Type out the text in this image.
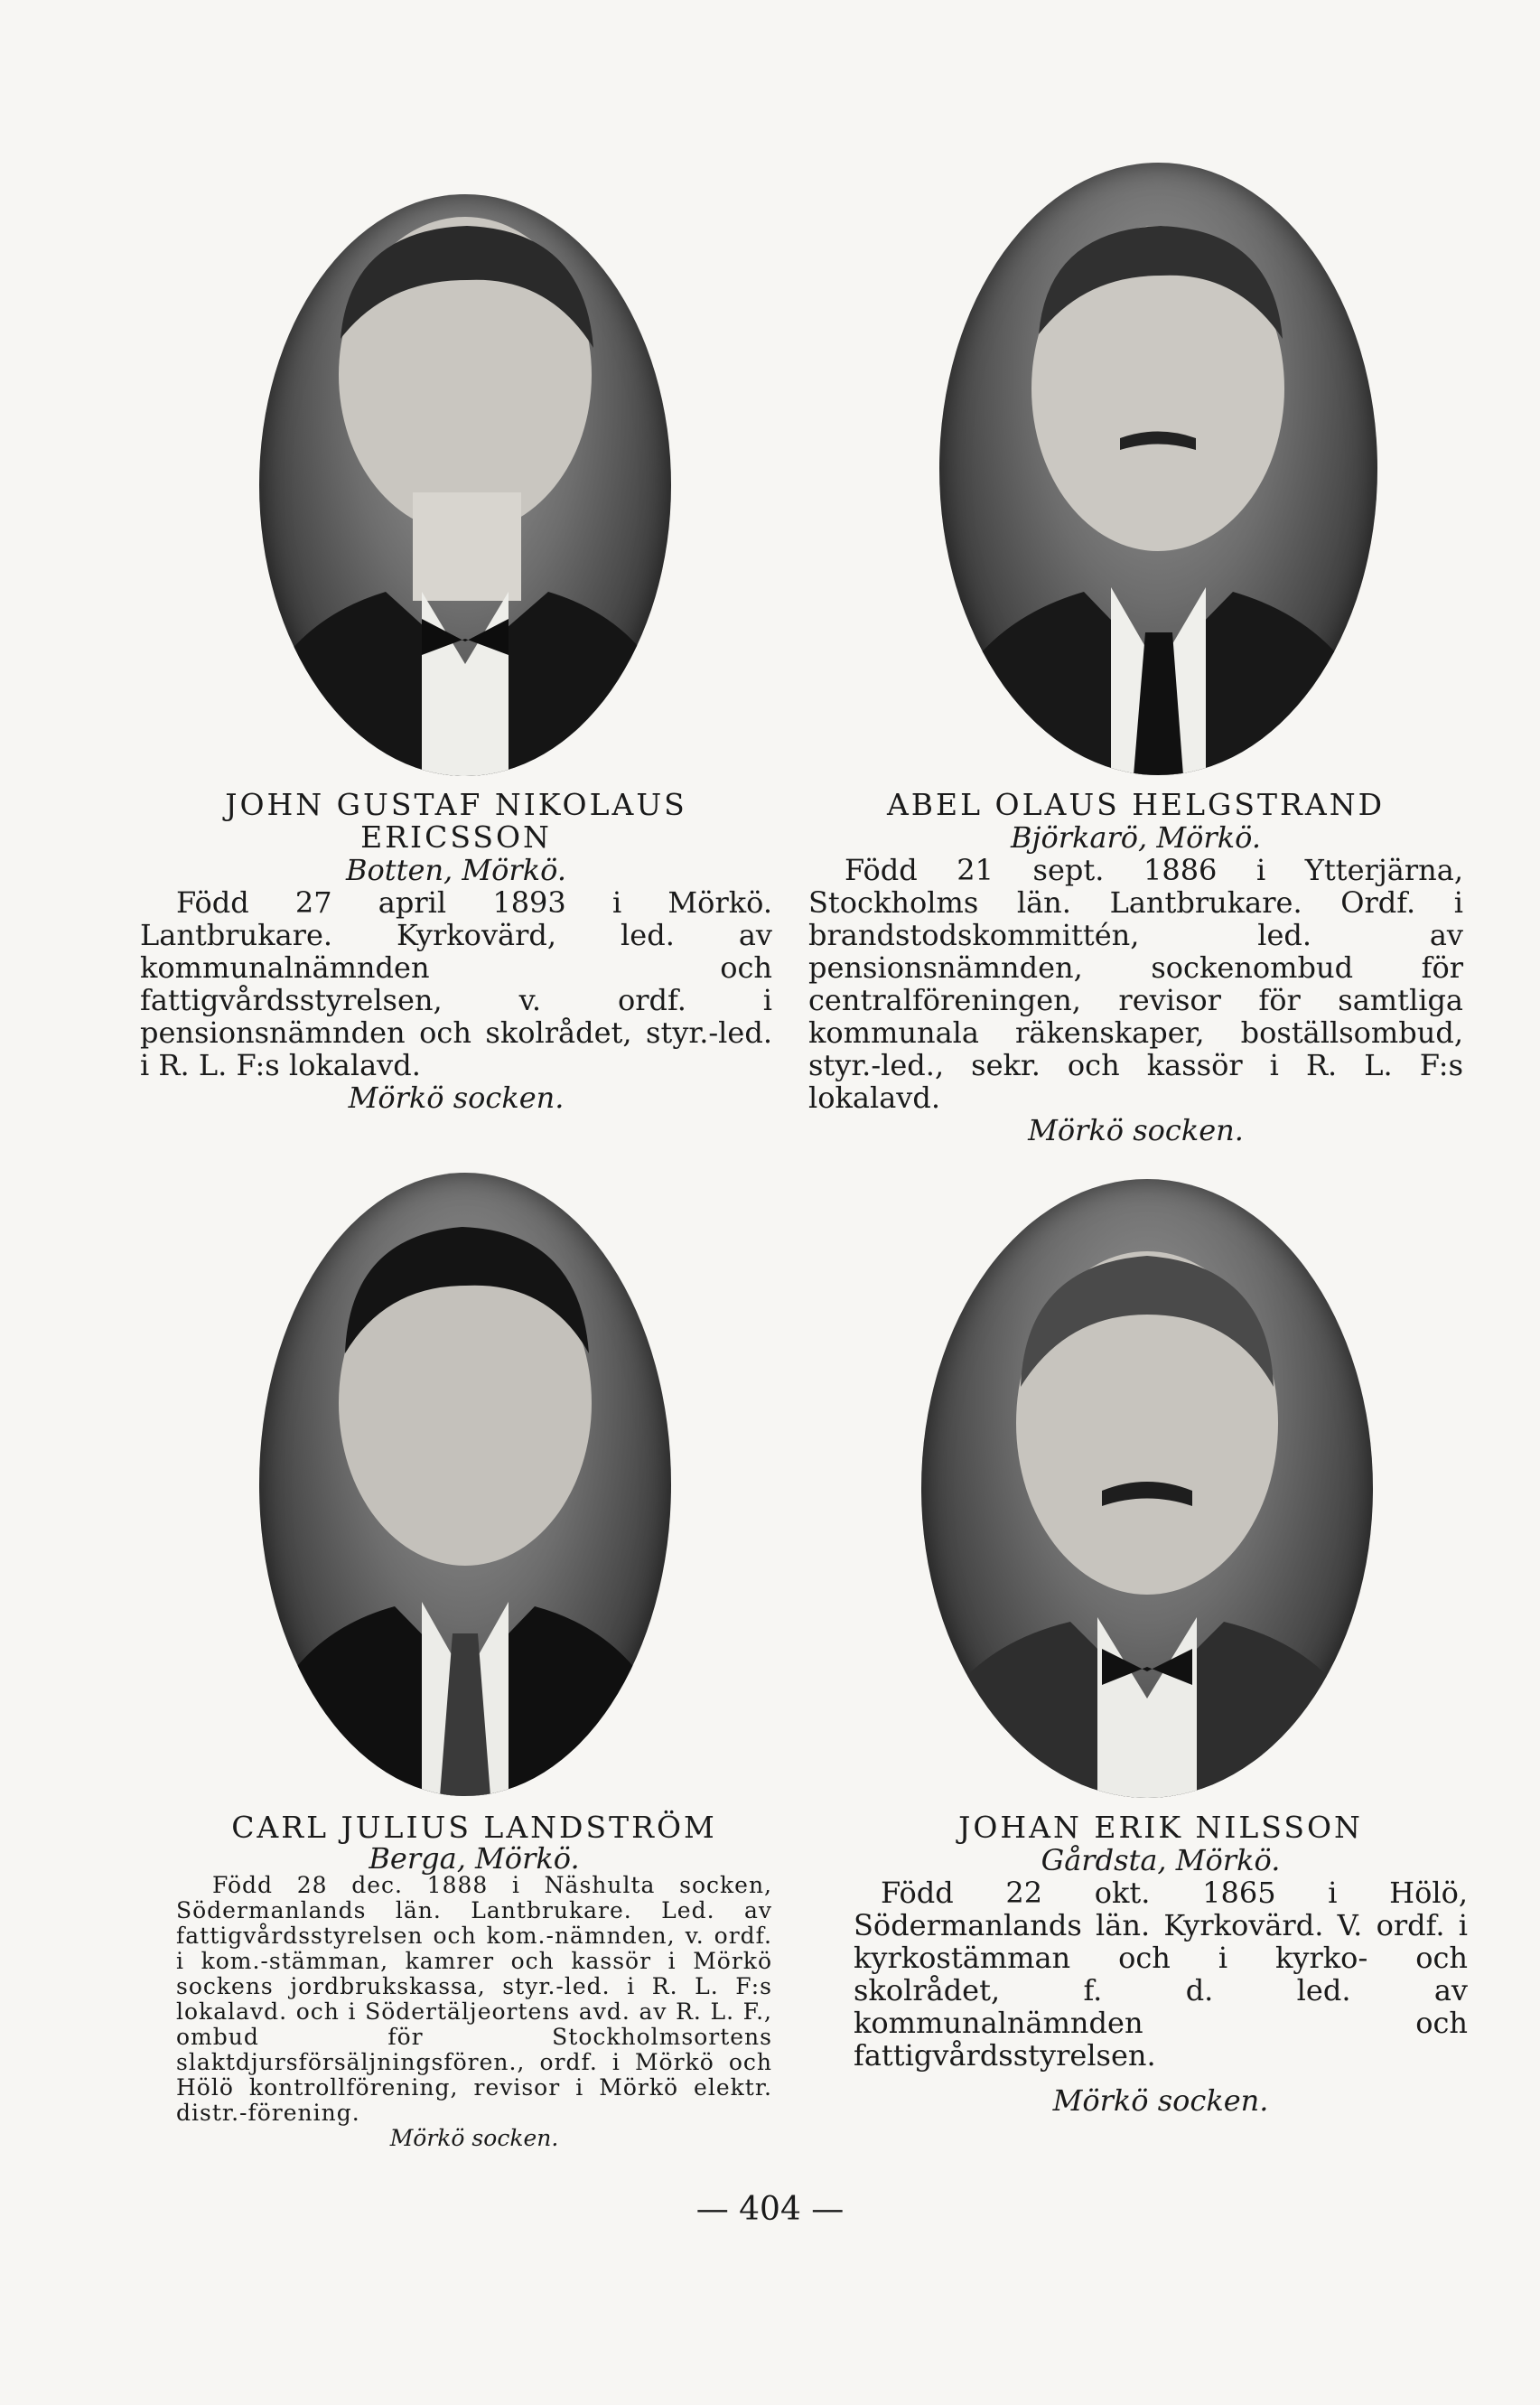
JOHN GUSTAF NIKOLAUS ERICSSON
Botten, Mörkö.
Född 27 april 1893 i Mörkö. Lantbrukare. Kyrkovärd, led. av kommunalnämnden och fattigvårdsstyrelsen, v. ordf. i pensionsnämnden och skolrådet, styr.-led. i R. L. F:s lokalavd.
Mörkö socken.
ABEL OLAUS HELGSTRAND
Björkarö, Mörkö.
Född 21 sept. 1886 i Ytterjärna, Stockholms län. Lantbrukare. Ordf. i brandstodskommittén, led. av pensionsnämnden, sockenombud för centralföreningen, revisor för samtliga kommunala räkenskaper, boställsombud, styr.-led., sekr. och kassör i R. L. F:s lokalavd.
Mörkö socken.
CARL JULIUS LANDSTRÖM
Berga, Mörkö.
Född 28 dec. 1888 i Näshulta socken, Södermanlands län. Lantbrukare. Led. av fattigvårdsstyrelsen och kom.-nämnden, v. ordf. i kom.-stämman, kamrer och kassör i Mörkö sockens jordbrukskassa, styr.-led. i R. L. F:s lokalavd. och i Södertäljeortens avd. av R. L. F., ombud för Stockholmsortens slaktdjursförsäljningsfören., ordf. i Mörkö och Hölö kontrollförening, revisor i Mörkö elektr. distr.-förening.
Mörkö socken.
JOHAN ERIK NILSSON
Gårdsta, Mörkö.
Född 22 okt. 1865 i Hölö, Södermanlands län. Kyrkovärd. V. ordf. i kyrkostämman och i kyrko- och skolrådet, f. d. led. av kommunalnämnden och fattigvårdsstyrelsen.
Mörkö socken.
— 404 —
